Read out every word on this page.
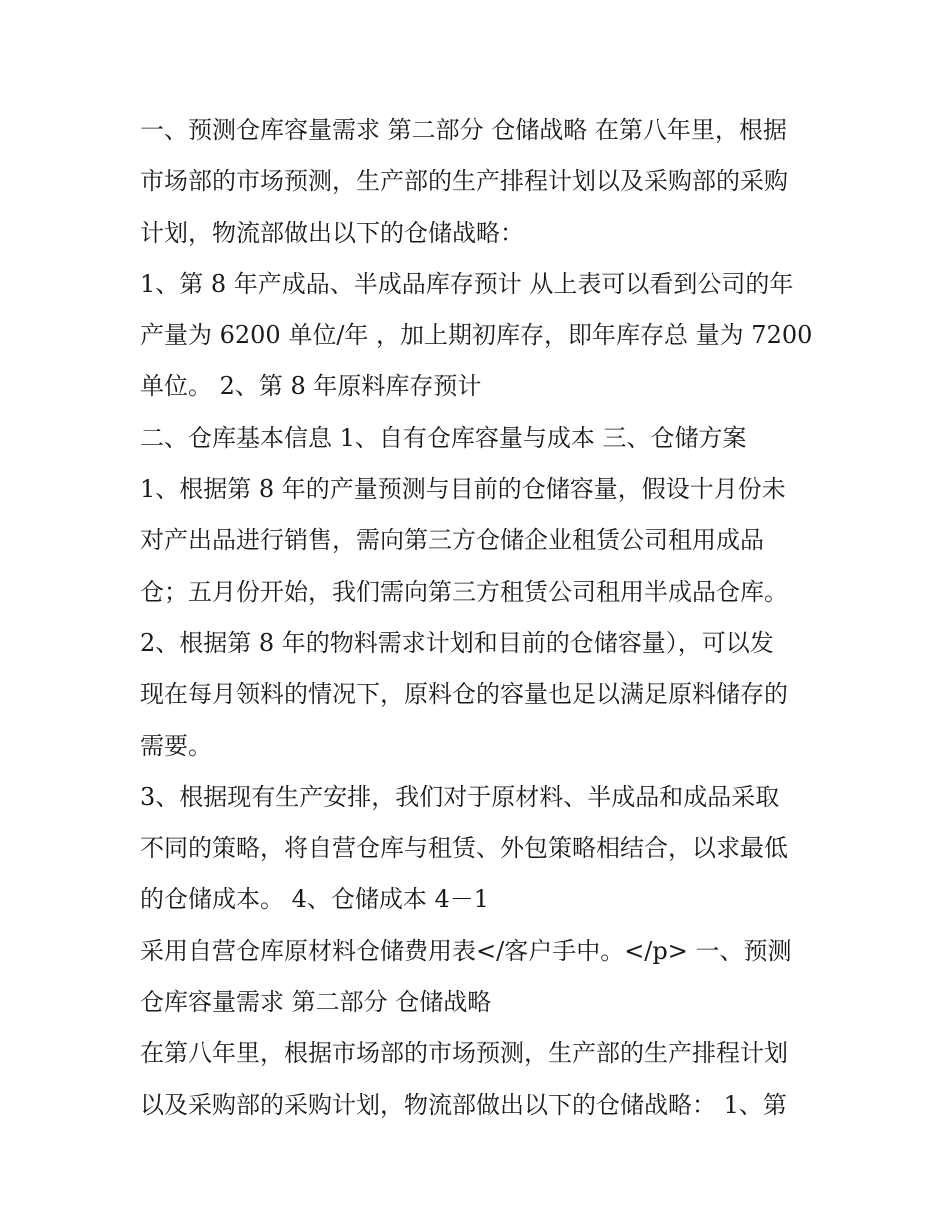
一、预测仓库容量需求 第二部分 仓储战略 在第八年里，根据
市场部的市场预测，生产部的生产排程计划以及采购部的采购
计划，物流部做出以下的仓储战略：
1、第 8 年产成品、半成品库存预计 从上表可以看到公司的年
产量为 6200 单位/年 ，加上期初库存，即年库存总 量为 7200
单位。 2、第 8 年原料库存预计
二、仓库基本信息 1、自有仓库容量与成本 三、仓储方案
1、根据第 8 年的产量预测与目前的仓储容量，假设十月份未
对产出品进行销售，需向第三方仓储企业租赁公司租用成品
仓；五月份开始，我们需向第三方租赁公司租用半成品仓库。
2、根据第 8 年的物料需求计划和目前的仓储容量），可以发
现在每月领料的情况下，原料仓的容量也足以满足原料储存的
需要。
3、根据现有生产安排，我们对于原材料、半成品和成品采取
不同的策略，将自营仓库与租赁、外包策略相结合，以求最低
的仓储成本。 4、仓储成本 4－1
采用自营仓库原材料仓储费用表</客户手中。</p> 一、预测
仓库容量需求 第二部分 仓储战略
在第八年里，根据市场部的市场预测，生产部的生产排程计划
以及采购部的采购计划，物流部做出以下的仓储战略： 1、第
